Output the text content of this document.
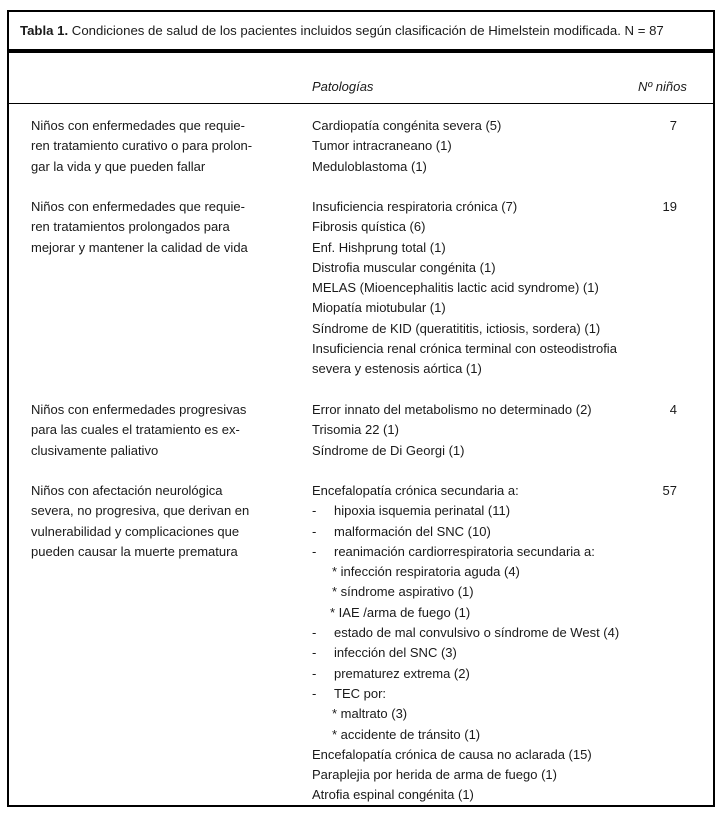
Tabla 1. Condiciones de salud de los pacientes incluidos según clasificación de Himelstein modificada. N = 87
Patologías	Nº niños
Niños con enfermedades que requie-
ren tratamiento curativo o para prolon-
gar la vida y que pueden fallar
Cardiopatía congénita severa (5)
Tumor intracraneano (1)
Meduloblastoma (1)
7
Niños con enfermedades que requie-
ren tratamientos prolongados para
mejorar y mantener la calidad de vida
Insuficiencia respiratoria crónica (7)
Fibrosis quística (6)
Enf. Hishprung total (1)
Distrofia muscular congénita (1)
MELAS (Mioencephalitis lactic acid syndrome) (1)
Miopatía miotubular (1)
Síndrome de KID (queratititis, ictiosis, sordera) (1)
Insuficiencia renal crónica terminal con osteodistrofia
severa y estenosis aórtica (1)
19
Niños con enfermedades progresivas
para las cuales el tratamiento es ex-
clusivamente paliativo
Error innato del metabolismo no determinado (2)
Trisomia 22 (1)
Síndrome de Di Georgi (1)
4
Niños con afectación neurológica
severa, no progresiva, que derivan en
vulnerabilidad y complicaciones que
pueden causar la muerte prematura
Encefalopatía crónica secundaria a:
- hipoxia isquemia perinatal (11)
- malformación del SNC (10)
- reanimación cardiorrespiratoria secundaria a:
* infección respiratoria aguda (4)
* síndrome aspirativo (1)
* IAE /arma de fuego (1)
- estado de mal convulsivo o síndrome de West (4)
- infección del SNC (3)
- prematurez extrema (2)
- TEC por:
* maltrato (3)
* accidente de tránsito (1)
Encefalopatía crónica de causa no aclarada (15)
Paraplejia por herida de arma de fuego (1)
Atrofia espinal congénita (1)
57
